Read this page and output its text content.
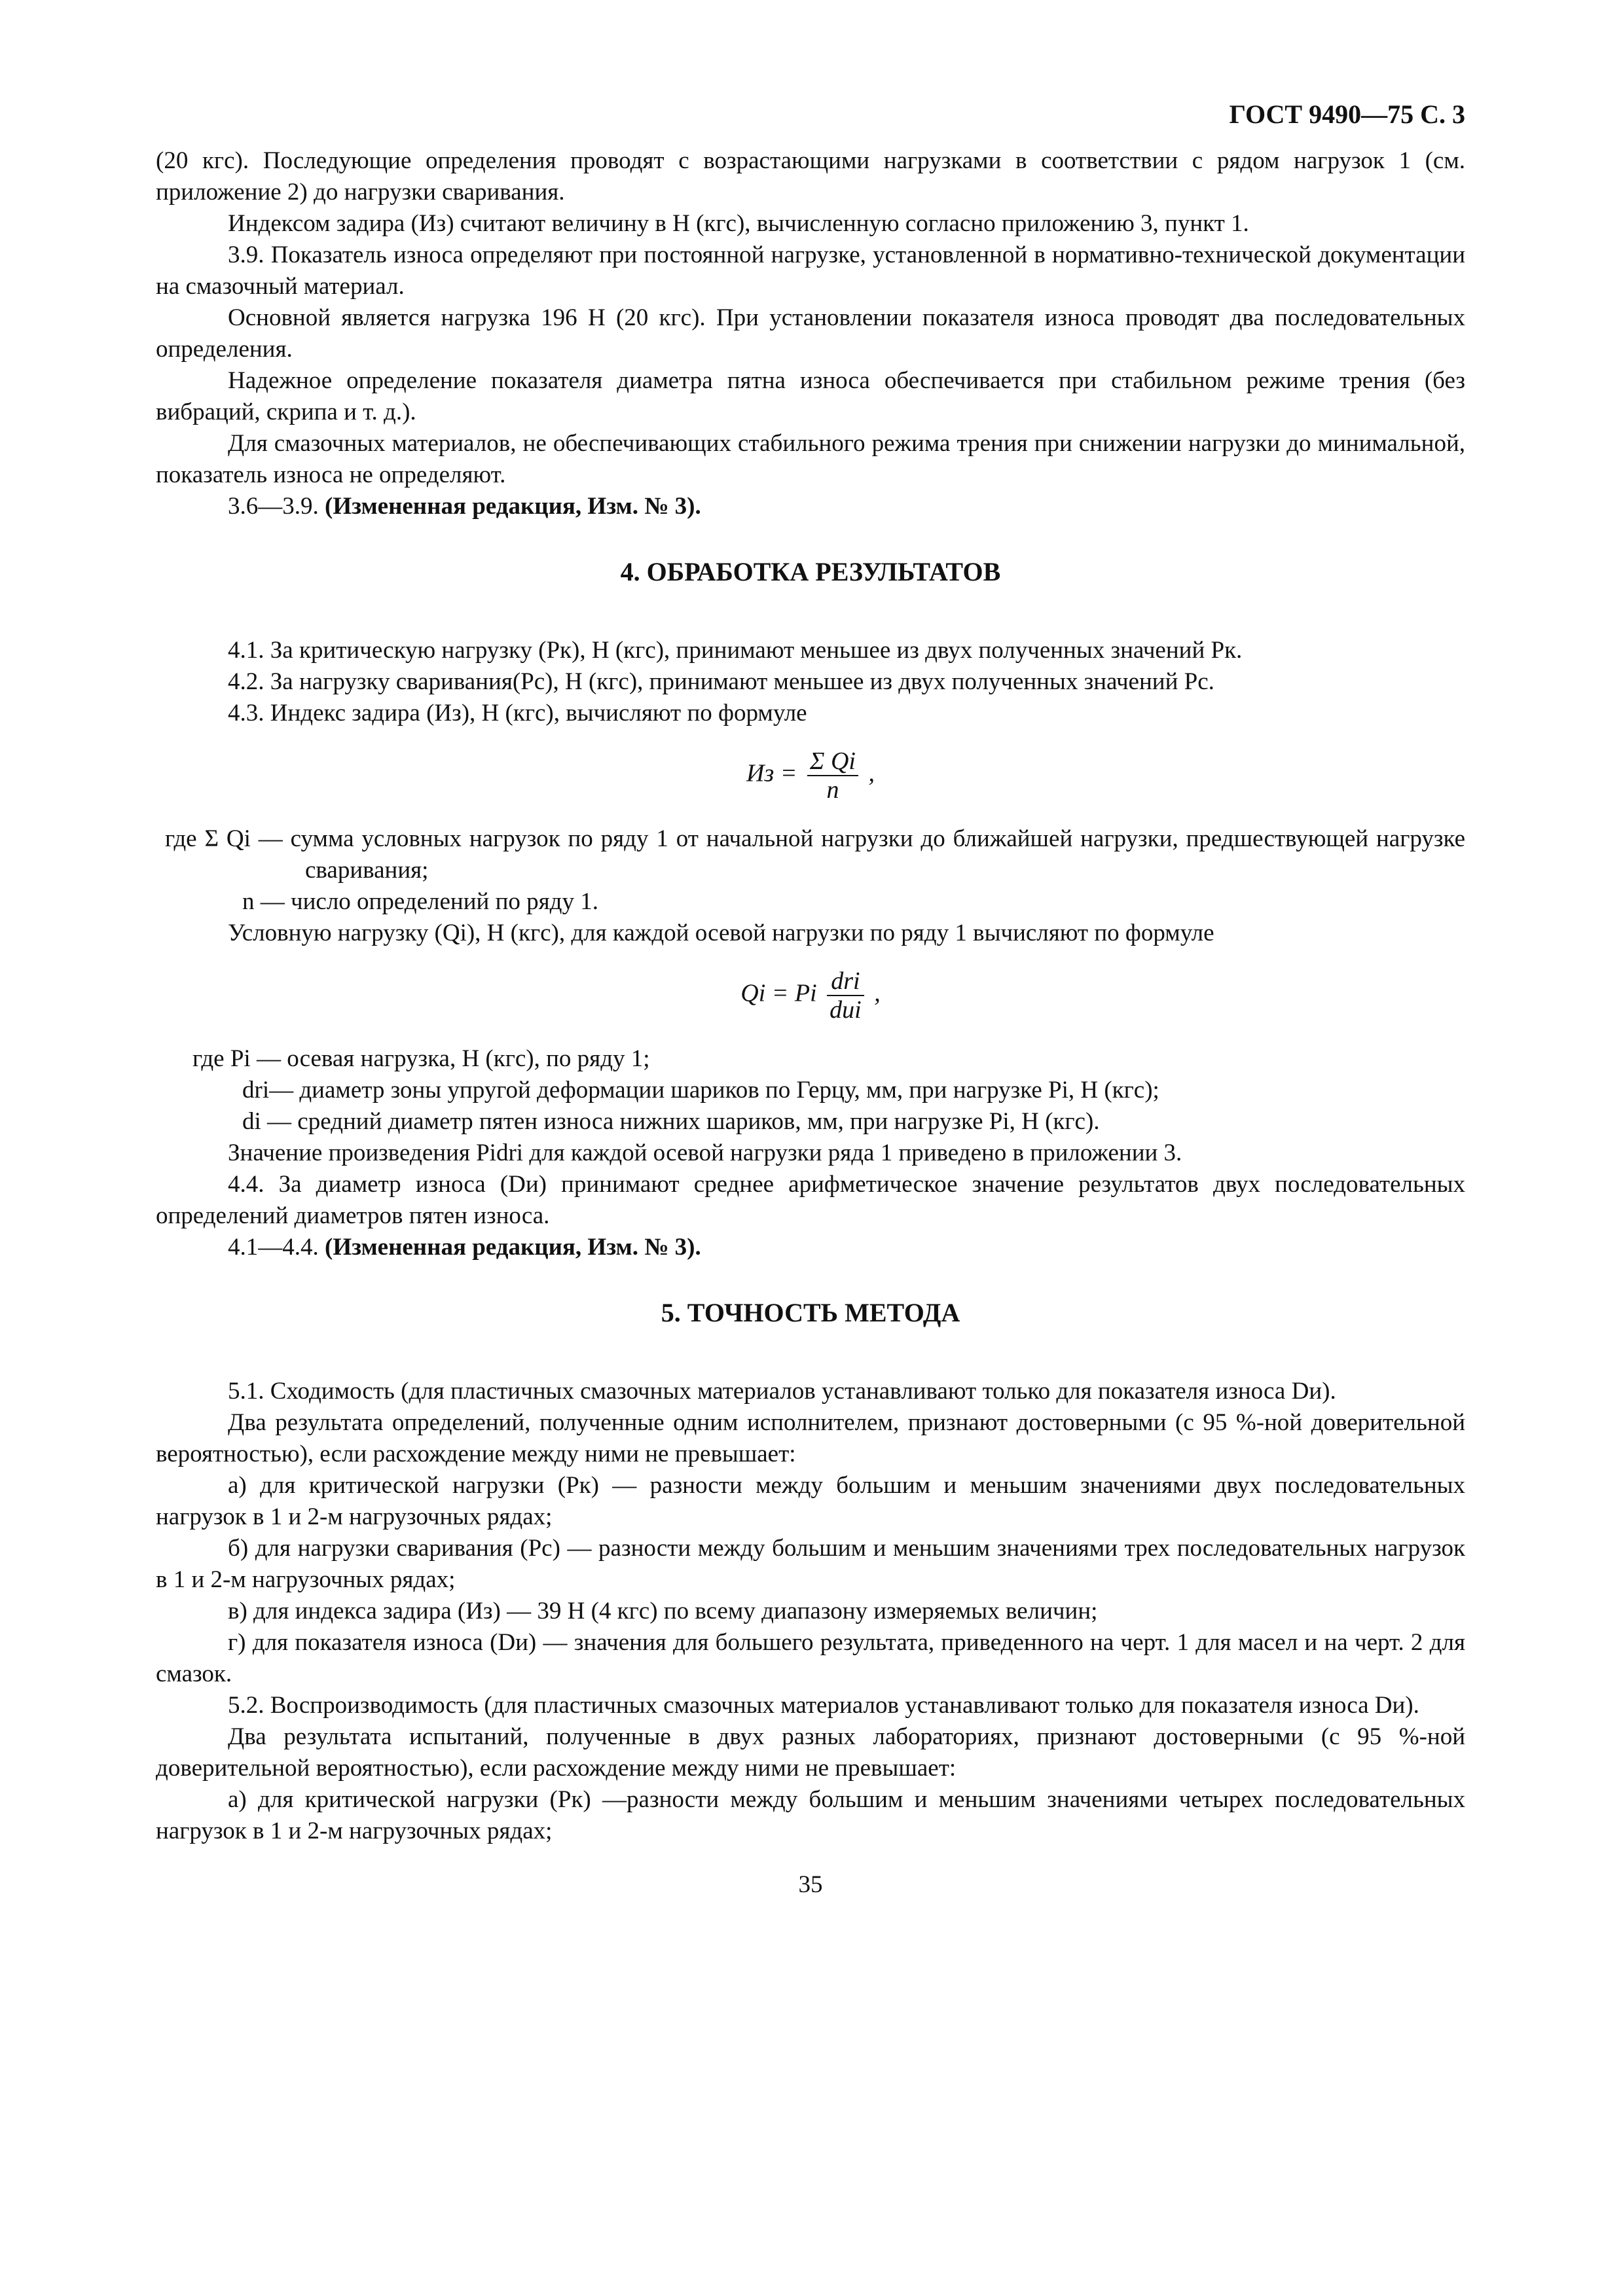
ГОСТ 9490—75 С. 3

(20 кгс). Последующие определения проводят с возрастающими нагрузками в соответствии с рядом нагрузок 1 (см. приложение 2) до нагрузки сваривания.

Индексом задира (Из) считают величину в Н (кгс), вычисленную согласно приложению 3, пункт 1.

3.9. Показатель износа определяют при постоянной нагрузке, установленной в нормативно-технической документации на смазочный материал.

Основной является нагрузка 196 Н (20 кгс). При установлении показателя износа проводят два последовательных определения.

Надежное определение показателя диаметра пятна износа обеспечивается при стабильном режиме трения (без вибраций, скрипа и т. д.).

Для смазочных материалов, не обеспечивающих стабильного режима трения при снижении нагрузки до минимальной, показатель износа не определяют.

3.6—3.9. (Измененная редакция, Изм. № 3).

4. ОБРАБОТКА РЕЗУЛЬТАТОВ

4.1. За критическую нагрузку (Рк), Н (кгс), принимают меньшее из двух полученных значений Рк.

4.2. За нагрузку сваривания(Рс), Н (кгс), принимают меньшее из двух полученных значений Рс.

4.3. Индекс задира (Из), Н (кгс), вычисляют по формуле

Из = $\frac{\text{Σ Qi}}{n}$ ,

где Σ Qi — сумма условных нагрузок по ряду 1 от начальной нагрузки до ближайшей нагрузки, предшествующей нагрузке сваривания;

n — число определений по ряду 1.

Условную нагрузку (Qi), Н (кгс), для каждой осевой нагрузки по ряду 1 вычисляют по формуле

Qi = Pi $\frac{\text{dri}}{\text{dиi}}$ ,

где Pi — осевая нагрузка, Н (кгс), по ряду 1;

dri— диаметр зоны упругой деформации шариков по Герцу, мм, при нагрузке Pi, Н (кгс);

di — средний диаметр пятен износа нижних шариков, мм, при нагрузке Pi, Н (кгс).

Значение произведения Pidri для каждой осевой нагрузки ряда 1 приведено в приложении 3.

4.4. За диаметр износа (Dи) принимают среднее арифметическое значение результатов двух последовательных определений диаметров пятен износа.

4.1—4.4. (Измененная редакция, Изм. № 3).

5. ТОЧНОСТЬ МЕТОДА

5.1. Сходимость (для пластичных смазочных материалов устанавливают только для показателя износа Dи).

Два результата определений, полученные одним исполнителем, признают достоверными (с 95 %-ной доверительной вероятностью), если расхождение между ними не превышает:

а) для критической нагрузки (Рк) — разности между большим и меньшим значениями двух последовательных нагрузок в 1 и 2-м нагрузочных рядах;

б) для нагрузки сваривания (Рс) — разности между большим и меньшим значениями трех последовательных нагрузок в 1 и 2-м нагрузочных рядах;

в) для индекса задира (Из) — 39 Н (4 кгс) по всему диапазону измеряемых величин;

г) для показателя износа (Dи) — значения для большего результата, приведенного на черт. 1 для масел и на черт. 2 для смазок.

5.2. Воспроизводимость (для пластичных смазочных материалов устанавливают только для показателя износа Dи).

Два результата испытаний, полученные в двух разных лабораториях, признают достоверными (с 95 %-ной доверительной вероятностью), если расхождение между ними не превышает:

а) для критической нагрузки (Рк) —разности между большим и меньшим значениями четырех последовательных нагрузок в 1 и 2-м нагрузочных рядах;

35
